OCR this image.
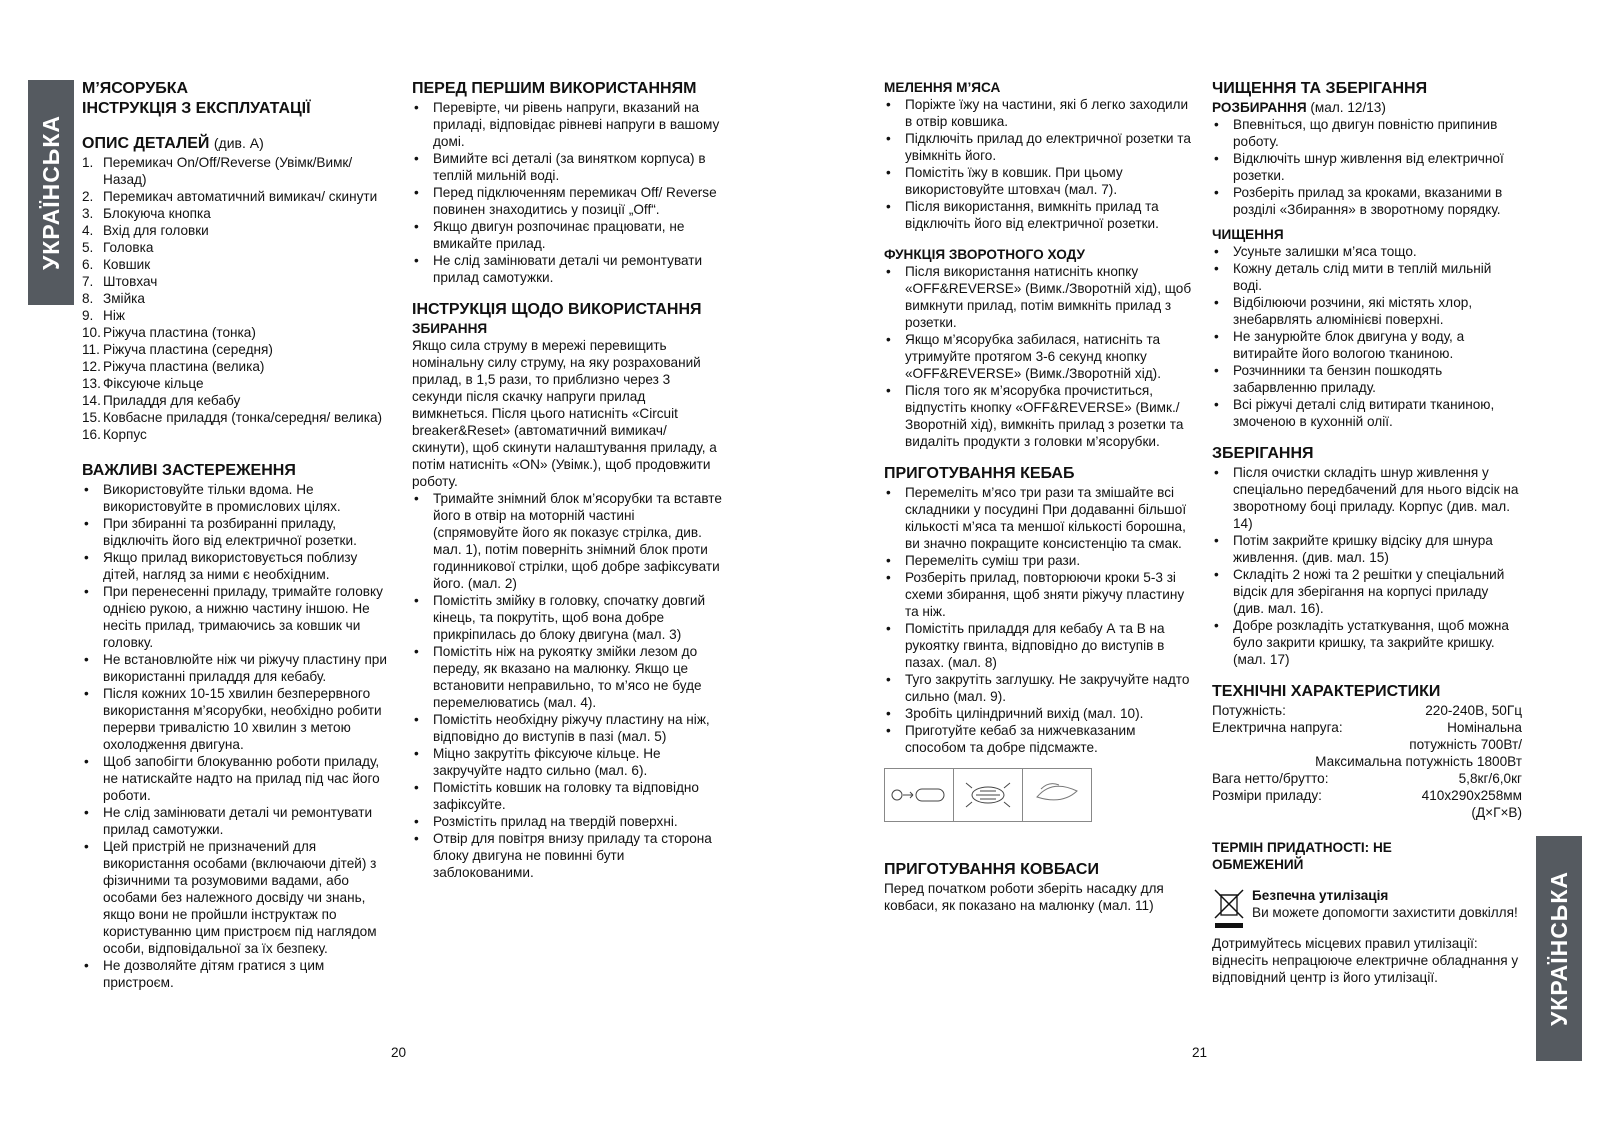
УКРАЇНСЬКА
УКРАЇНСЬКА
М’ЯСОРУБКА
ІНСТРУКЦІЯ З ЕКСПЛУАТАЦІЇ
ОПИС ДЕТАЛЕЙ (див. А)
1. Перемикач On/Off/Reverse (Увімк/Вимк/Назад)
2. Перемикач автоматичний вимикач/ скинути
3. Блокуюча кнопка
4. Вхід для головки
5. Головка
6. Ковшик
7. Штовхач
8. Змійка
9. Ніж
10. Ріжуча пластина (тонка)
11. Ріжуча пластина (середня)
12. Ріжуча пластина (велика)
13. Фіксуюче кільце
14. Приладдя для кебабу
15. Ковбасне приладдя (тонка/середня/ велика)
16. Корпус
ВАЖЛИВІ ЗАСТЕРЕЖЕННЯ
• Використовуйте тільки вдома. Не використовуйте в промислових цілях.
• При збиранні та розбиранні приладу, відключіть його від електричної розетки.
• Якщо прилад використовується поблизу дітей, нагляд за ними є необхідним.
• При перенесенні приладу, тримайте головку однією рукою, а нижню частину іншою. Не несіть прилад, тримаючись за ковшик чи головку.
• Не встановлюйте ніж чи ріжучу пластину при використанні приладдя для кебабу.
• Після кожних 10-15 хвилин безперервного використання м’ясорубки, необхідно робити перерви тривалістю 10 хвилин з метою охолодження двигуна.
• Щоб запобігти блокуванню роботи приладу, не натискайте надто на прилад під час його роботи.
• Не слід замінювати деталі чи ремонтувати прилад самотужки.
• Цей пристрій не призначений для використання особами (включаючи дітей) з фізичними та розумовими вадами, або особами без належного досвіду чи знань, якщо вони не пройшли інструктаж по користуванню цим пристроєм під наглядом особи, відповідальної за їх безпеку.
• Не дозволяйте дітям гратися з цим пристроєм.
ПЕРЕД ПЕРШИМ ВИКОРИСТАННЯМ
• Перевірте, чи рівень напруги, вказаний на приладі, відповідає рівневі напруги в вашому домі.
• Вимийте всі деталі (за винятком корпуса) в теплій мильній воді.
• Перед підключенням перемикач Off/ Reverse повинен знаходитись у позиції „Off“.
• Якщо двигун розпочинає працювати, не вмикайте прилад.
• Не слід замінювати деталі чи ремонтувати прилад самотужки.
ІНСТРУКЦІЯ ЩОДО ВИКОРИСТАННЯ
ЗБИРАННЯ

Якщо сила струму в мережі перевищить номінальну силу струму, на яку розрахований прилад, в 1,5 рази, то приблизно через 3 секунди після скачку напруги прилад вимкнеться. Після цього натисніть «Circuit breaker&Reset» (автоматичний вимикач/скинути), щоб скинути налаштування приладу, а потім натисніть «ON» (Увімк.), щоб продовжити роботу.

• Тримайте знімний блок м’ясорубки та вставте його в отвір на моторній частині (спрямовуйте його як показує стрілка, див. мал. 1), потім поверніть знімний блок проти годинникової стрілки, щоб добре зафіксувати його. (мал. 2)
• Помістіть змійку в головку, спочатку довгий кінець, та покрутіть, щоб вона добре прикріпилась до блоку двигуна (мал. 3)
• Помістіть ніж на рукоятку змійки лезом до переду, як вказано на малюнку. Якщо це встановити неправильно, то м’ясо не буде перемелюватись (мал. 4).
• Помістіть необхідну ріжучу пластину на ніж, відповідно до виступів в пазі (мал. 5)
• Міцно закрутіть фіксуюче кільце. Не закручуйте надто сильно (мал. 6).
• Помістіть ковшик на головку та відповідно зафіксуйте.
• Розмістіть прилад на твердій поверхні.
• Отвір для повітря внизу приладу та сторона блоку двигуна не повинні бути заблокованими.
МЕЛЕННЯ М’ЯСА
• Поріжте їжу на частини, які б легко заходили в отвір ковшика.
• Підключіть прилад до електричної розетки та увімкніть його.
• Помістіть їжу в ковшик. При цьому використовуйте штовхач (мал. 7).
• Після використання, вимкніть прилад та відключіть його від електричної розетки.
ФУНКЦІЯ ЗВОРОТНОГО ХОДУ
• Після використання натисніть кнопку «OFF&REVERSE» (Вимк./Зворотній хід), щоб вимкнути прилад, потім вимкніть прилад з розетки.
• Якщо м’ясорубка забилася, натисніть та утримуйте протягом 3-6 секунд кнопку «OFF&REVERSE» (Вимк./Зворотній хід).
• Після того як м’ясорубка прочиститься, відпустіть кнопку «OFF&REVERSE» (Вимк./Зворотній хід), вимкніть прилад з розетки та видаліть продукти з головки м’ясорубки.
ПРИГОТУВАННЯ КЕБАБ
• Перемеліть м’ясо три рази та змішайте всі складники у посудині При додаванні більшої кількості м’яса та меншої кількості борошна, ви значно покращите консистенцію та смак.
• Перемеліть суміш три рази.
• Розберіть прилад, повторюючи кроки 5-3 зі схеми збирання, щоб зняти ріжучу пластину та ніж.
• Помістіть приладдя для кебабу А та В на рукоятку гвинта, відповідно до виступів в пазах. (мал. 8)
• Туго закрутіть заглушку. Не закручуйте надто сильно (мал. 9).
• Зробіть циліндричний вихід (мал. 10).
• Приготуйте кебаб за нижчевказаним способом та добре підсмажте.
ПРИГОТУВАННЯ КОВБАСИ

Перед початком роботи зберіть насадку для ковбаси, як показано на малюнку (мал. 11)

ЧИЩЕННЯ ТА ЗБЕРІГАННЯ
РОЗБИРАННЯ (мал. 12/13)
• Впевніться, що двигун повністю припинив роботу.
• Відключіть шнур живлення від електричної розетки.
• Розберіть прилад за кроками, вказаними в розділі «Збирання» в зворотному порядку.
ЧИЩЕННЯ
• Усуньте залишки м’яса тощо.
• Кожну деталь слід мити в теплій мильній воді.
• Відбілюючи розчини, які містять хлор, знебарвлять алюмінієві поверхні.
• Не занурюйте блок двигуна у воду, а витирайте його вологою тканиною.
• Розчинники та бензин пошкодять забарвленню приладу.
• Всі ріжучі деталі слід витирати тканиною, змоченою в кухонній олії.
ЗБЕРІГАННЯ
• Після очистки складіть шнур живлення у спеціально передбачений для нього відсік на зворотному боці приладу. Корпус (див. мал. 14)
• Потім закрийте кришку відсіку для шнура живлення. (див. мал. 15)
• Складіть 2 ножі та 2 решітки у спеціальний відсік для зберігання на корпусі приладу (див. мал. 16).
• Добре розкладіть устаткування, щоб можна було закрити кришку, та закрийте кришку. (мал. 17)
ТЕХНІЧНІ ХАРАКТЕРИСТИКИ
Потужність:	220-240В, 50Гц
Електрична напруга:	Номінальна
потужність 700Вт/
Максимальна потужність 1800Вт
Вага нетто/брутто:	5,8кг/6,0кг
Розміри приладу:	410x290x258мм
(Д×Г×В)
ТЕРМІН ПРИДАТНОСТІ: НЕ ОБМЕЖЕНИЙ
Безпечна утилізація
Ви можете допомогти захистити довкілля!

Дотримуйтесь місцевих правил утилізації: віднесіть непрацююче електричне обладнання у відповідний центр із його утилізації.

20	21
